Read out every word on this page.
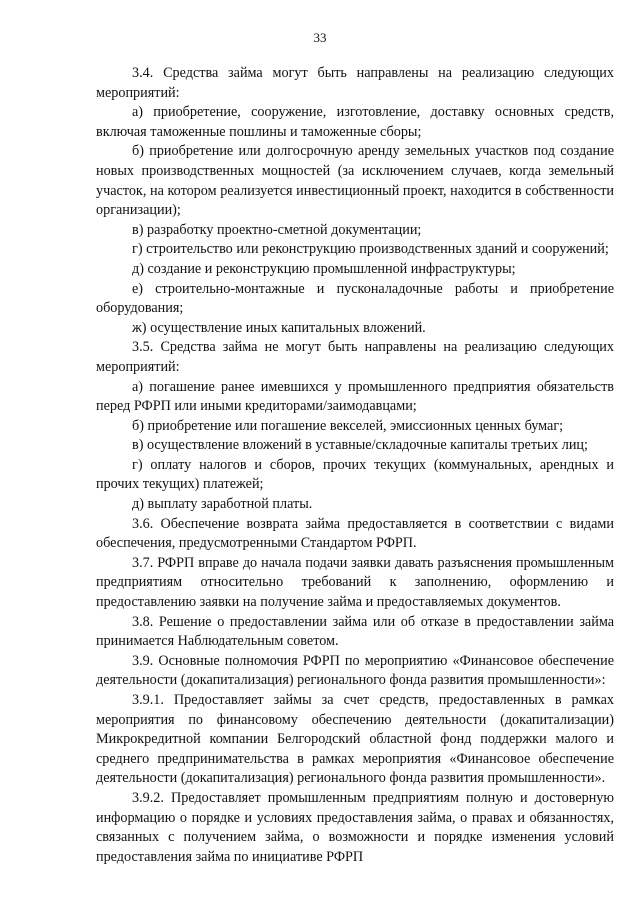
33

3.4. Средства займа могут быть направлены на реализацию следующих мероприятий:

а) приобретение, сооружение, изготовление, доставку основных средств, включая таможенные пошлины и таможенные сборы;

б) приобретение или долгосрочную аренду земельных участков под создание новых производственных мощностей (за исключением случаев, когда земельный участок, на котором реализуется инвестиционный проект, находится в собственности организации);

в) разработку проектно-сметной документации;

г) строительство или реконструкцию производственных зданий и сооружений;

д) создание и реконструкцию промышленной инфраструктуры;

е) строительно-монтажные и пусконаладочные работы и приобретение оборудования;

ж) осуществление иных капитальных вложений.

3.5. Средства займа не могут быть направлены на реализацию следующих мероприятий:

а) погашение ранее имевшихся у промышленного предприятия обязательств перед РФРП или иными кредиторами/заимодавцами;

б) приобретение или погашение векселей, эмиссионных ценных бумаг;

в) осуществление вложений в уставные/складочные капиталы третьих лиц;

г) оплату налогов и сборов, прочих текущих (коммунальных, арендных и прочих текущих) платежей;

д) выплату заработной платы.

3.6. Обеспечение возврата займа предоставляется в соответствии с видами обеспечения, предусмотренными Стандартом РФРП.

3.7. РФРП вправе до начала подачи заявки давать разъяснения промышленным предприятиям относительно требований к заполнению, оформлению и предоставлению заявки на получение займа и предоставляемых документов.

3.8. Решение о предоставлении займа или об отказе в предоставлении займа принимается Наблюдательным советом.

3.9. Основные полномочия РФРП по мероприятию «Финансовое обеспечение деятельности (докапитализация) регионального фонда развития промышленности»:

3.9.1. Предоставляет займы за счет средств, предоставленных в рамках мероприятия по финансовому обеспечению деятельности (докапитализации) Микрокредитной компании Белгородский областной фонд поддержки малого и среднего предпринимательства в рамках мероприятия «Финансовое обеспечение деятельности (докапитализация) регионального фонда развития промышленности».

3.9.2. Предоставляет промышленным предприятиям полную и достоверную информацию о порядке и условиях предоставления займа, о правах и обязанностях, связанных с получением займа, о возможности и порядке изменения условий предоставления займа по инициативе РФРП
